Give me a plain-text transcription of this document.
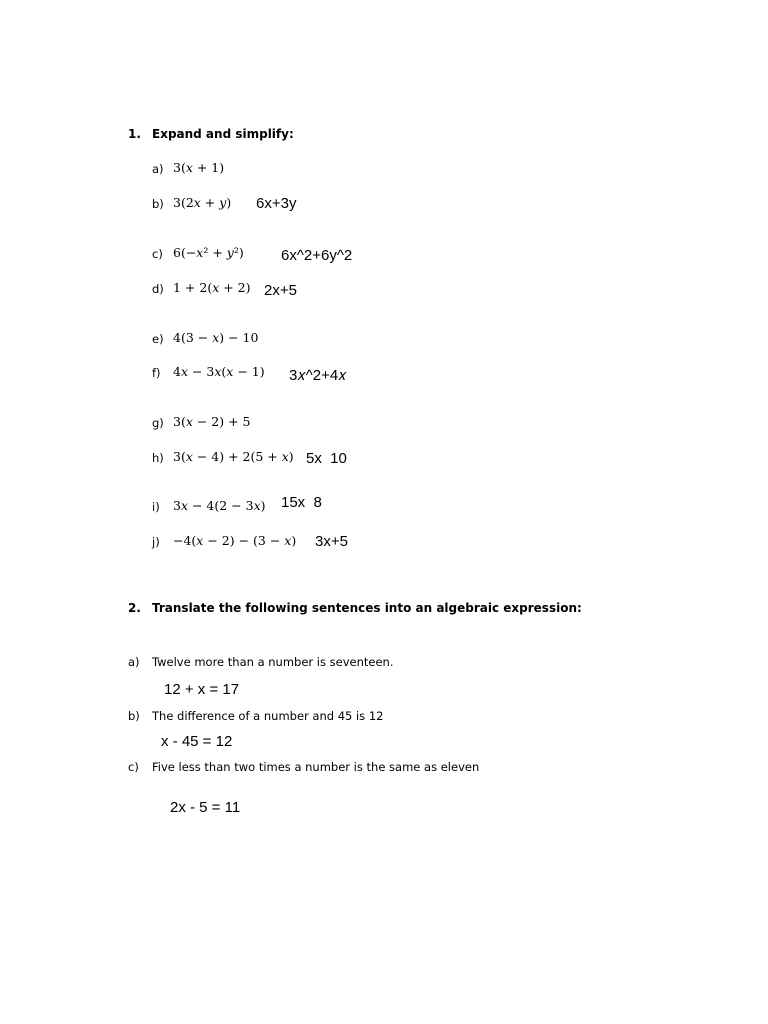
1. Expand and simplify:
a) 3(𝑥 + 1)
b) 3(2𝑥 + 𝑦) 6x+3y
c) 6(−𝑥² + 𝑦²) 6x^2+6y^2
d) 1 + 2(𝑥 + 2) 2x+5
e) 4(3 − 𝑥) − 10
f) 4𝑥 − 3𝑥(𝑥 − 1) 3𝑥^2+4𝑥
g) 3(𝑥 − 2) + 5
h) 3(𝑥 − 4) + 2(5 + 𝑥) 5x  10
i) 3𝑥 − 4(2 − 3𝑥) 15x  8
j) −4(𝑥 − 2) − (3 − 𝑥) 3x+5
2. Translate the following sentences into an algebraic expression:
a) Twelve more than a number is seventeen.
12 + x = 17
b) The difference of a number and 45 is 12
x - 45 = 12
c) Five less than two times a number is the same as eleven
2x - 5 = 11
